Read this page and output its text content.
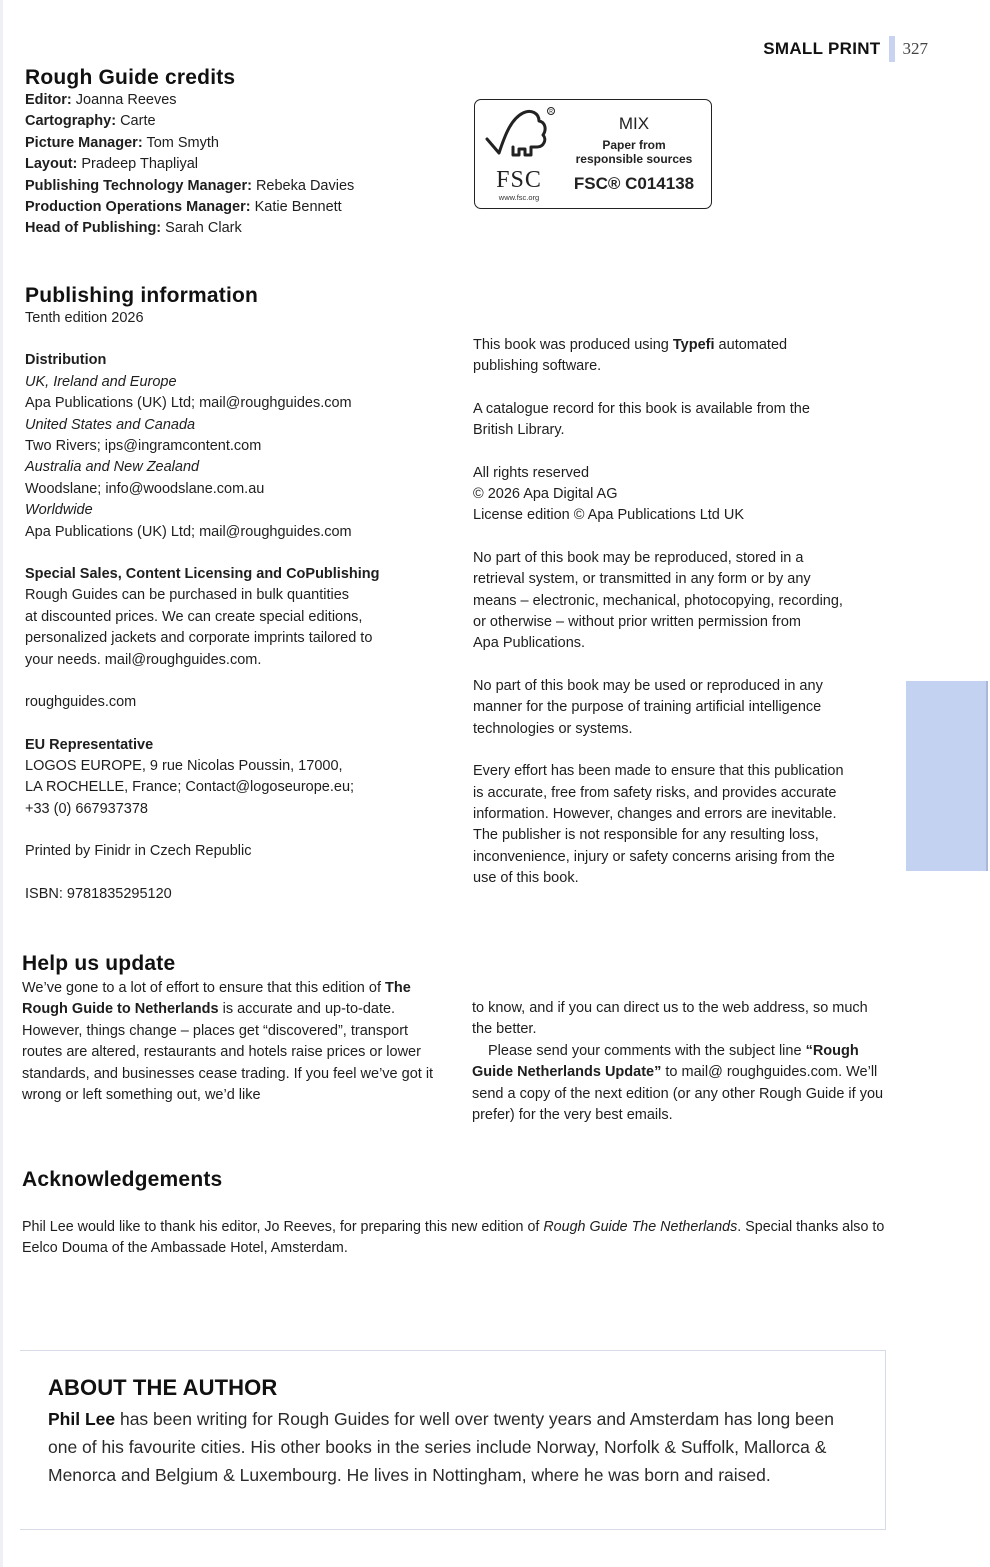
SMALL PRINT 327
Rough Guide credits

Editor: Joanna Reeves

Cartography: Carte

Picture Manager: Tom Smyth

Layout: Pradeep Thapliyal

Publishing Technology Manager: Rebeka Davies

Production Operations Manager: Katie Bennett

Head of Publishing: Sarah Clark

R
FSC
www.fsc.org
MIX
Paper from
responsible sources
FSC® C014138
Publishing information

Tenth edition 2026

Distribution

UK, Ireland and Europe

Apa Publications (UK) Ltd; mail@roughguides.com

United States and Canada

Two Rivers; ips@ingramcontent.com

Australia and New Zealand

Woodslane; info@woodslane.com.au

Worldwide

Apa Publications (UK) Ltd; mail@roughguides.com

Special Sales, Content Licensing and CoPublishing

Rough Guides can be purchased in bulk quantities

at discounted prices. We can create special editions,

personalized jackets and corporate imprints tailored to

your needs. mail@roughguides.com.

roughguides.com

EU Representative

LOGOS EUROPE, 9 rue Nicolas Poussin, 17000,

LA ROCHELLE, France; Contact@logoseurope.eu;

+33 (0) 667937378

Printed by Finidr in Czech Republic

ISBN: 9781835295120

This book was produced using Typefi automated

publishing software.

A catalogue record for this book is available from the

British Library.

All rights reserved

© 2026 Apa Digital AG

License edition © Apa Publications Ltd UK

No part of this book may be reproduced, stored in a

retrieval system, or transmitted in any form or by any

means – electronic, mechanical, photocopying, recording,

or otherwise – without prior written permission from

Apa Publications.

No part of this book may be used or reproduced in any

manner for the purpose of training artificial intelligence

technologies or systems.

Every effort has been made to ensure that this publication

is accurate, free from safety risks, and provides accurate

information. However, changes and errors are inevitable.

The publisher is not responsible for any resulting loss,

inconvenience, injury or safety concerns arising from the

use of this book.

Help us update

We’ve gone to a lot of effort to ensure that this edition of The Rough Guide to Netherlands is accurate and up-to-date. However, things change – places get “discovered”, transport routes are altered, restaurants and hotels raise prices or lower standards, and businesses cease trading. If you feel we’ve got it wrong or left something out, we’d like

to know, and if you can direct us to the web address, so much the better.

Please send your comments with the subject line “Rough Guide Netherlands Update” to mail@ roughguides.com. We’ll send a copy of the next edition (or any other Rough Guide if you prefer) for the very best emails.

Acknowledgements

Phil Lee would like to thank his editor, Jo Reeves, for preparing this new edition of Rough Guide The Netherlands. Special thanks also to Eelco Douma of the Ambassade Hotel, Amsterdam.

ABOUT THE AUTHOR

Phil Lee has been writing for Rough Guides for well over twenty years and Amsterdam has long been one of his favourite cities. His other books in the series include Norway, Norfolk & Suffolk, Mallorca & Menorca and Belgium & Luxembourg. He lives in Nottingham, where he was born and raised.
